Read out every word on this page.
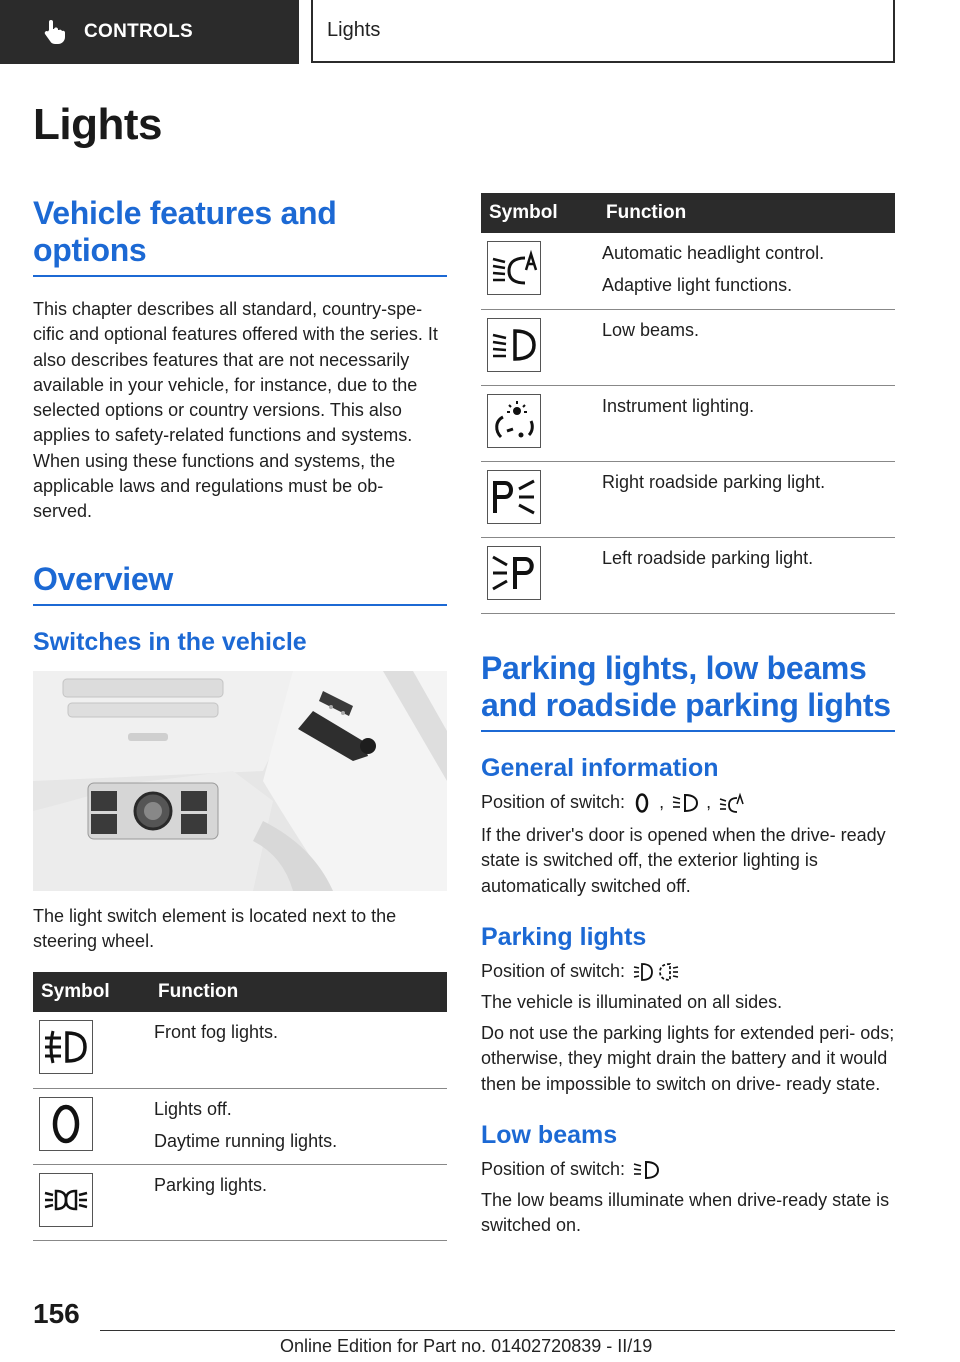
CONTROLS	Lights
Lights
Vehicle features and options

This chapter describes all standard, country-spe‐ cific and optional features offered with the series. It also describes features that are not necessarily available in your vehicle, for instance, due to the selected options or country versions. This also applies to safety-related functions and systems. When using these functions and systems, the applicable laws and regulations must be ob‐ served.

Overview
Switches in the vehicle

The light switch element is located next to the steering wheel.

Symbol	Function

Front fog lights.

Lights off.
Daytime running lights.

Parking lights.
Symbol	Function

Automatic headlight control.
Adaptive light functions.

Low beams.

Instrument lighting.

Right roadside parking light.

Left roadside parking light.
Parking lights, low beams and roadside parking lights
General information

Position of switch: , ,

If the driver's door is opened when the drive‐ ready state is switched off, the exterior lighting is automatically switched off.

Parking lights

Position of switch:

The vehicle is illuminated on all sides.

Do not use the parking lights for extended peri‐ ods; otherwise, they might drain the battery and it would then be impossible to switch on drive‐ ready state.

Low beams

Position of switch:

The low beams illuminate when drive-ready state is switched on.

156
Online Edition for Part no. 01402720839 - II/19
